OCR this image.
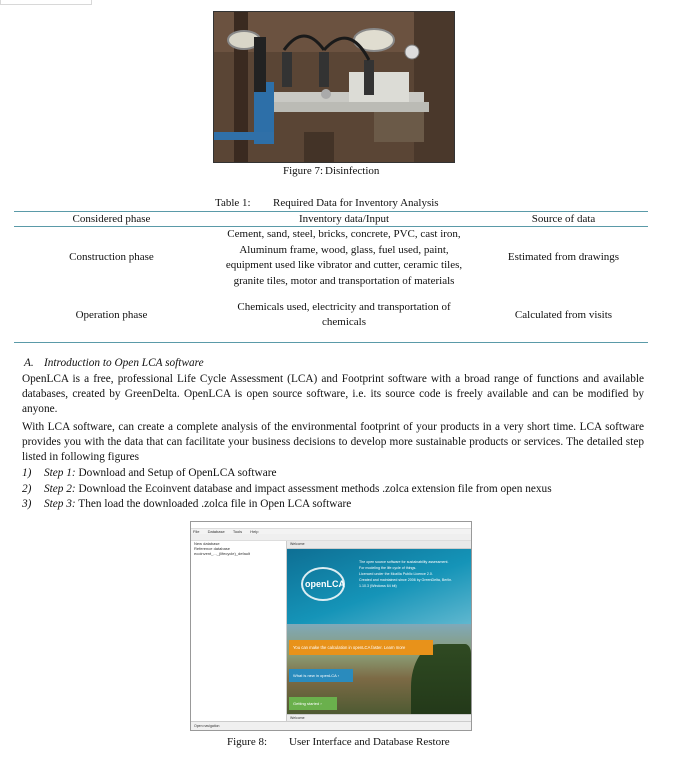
Figure 7: Disinfection
Table 1: Required Data for Inventory Analysis
Considered phase	Inventory data/Input	Source of data
Construction phase	Cement, sand, steel, bricks, concrete, PVC, cast iron,
Aluminum frame, wood, glass, fuel used, paint,
equipment used like vibrator and cutter, ceramic tiles,
granite tiles, motor and transportation of materials	Estimated from drawings
Operation phase	Chemicals used, electricity and transportation of
chemicals	Calculated from visits
A. Introduction to Open LCA software
OpenLCA is a free, professional Life Cycle Assessment (LCA) and Footprint software with a broad range of functions and available databases, created by GreenDelta. OpenLCA is open source software, i.e. its source code is freely available and can be modified by anyone.
With LCA software, can create a complete analysis of the environmental footprint of your products in a very short time. LCA software provides you with the data that can facilitate your business decisions to develop more sustainable products or services. The detailed step listed in following figures
1) Step 1: Download and Setup of OpenLCA software
2) Step 2: Download the Ecoinvent database and impact assessment methods .zolca extension file from open nexus
3) Step 3: Then load the downloaded .zolca file in Open LCA software
File Database Tools Help
New database
Reference database
ecoinvent_..._(lifecycle)_default
Welcome
openLCA
The open source software for sustainability assessment.
For modeling the life cycle of things.
Licenced under the Mozilla Public Licence 2.0.
Created and maintained since 2006 by GreenDelta, Berlin.
1.10.3 (Windows 64 bit)
You can make the calculation in openLCA faster. Learn more
What is new in openLCA ›
Getting started ›
Welcome
Open navigation
Figure 8: User Interface and Database Restore
